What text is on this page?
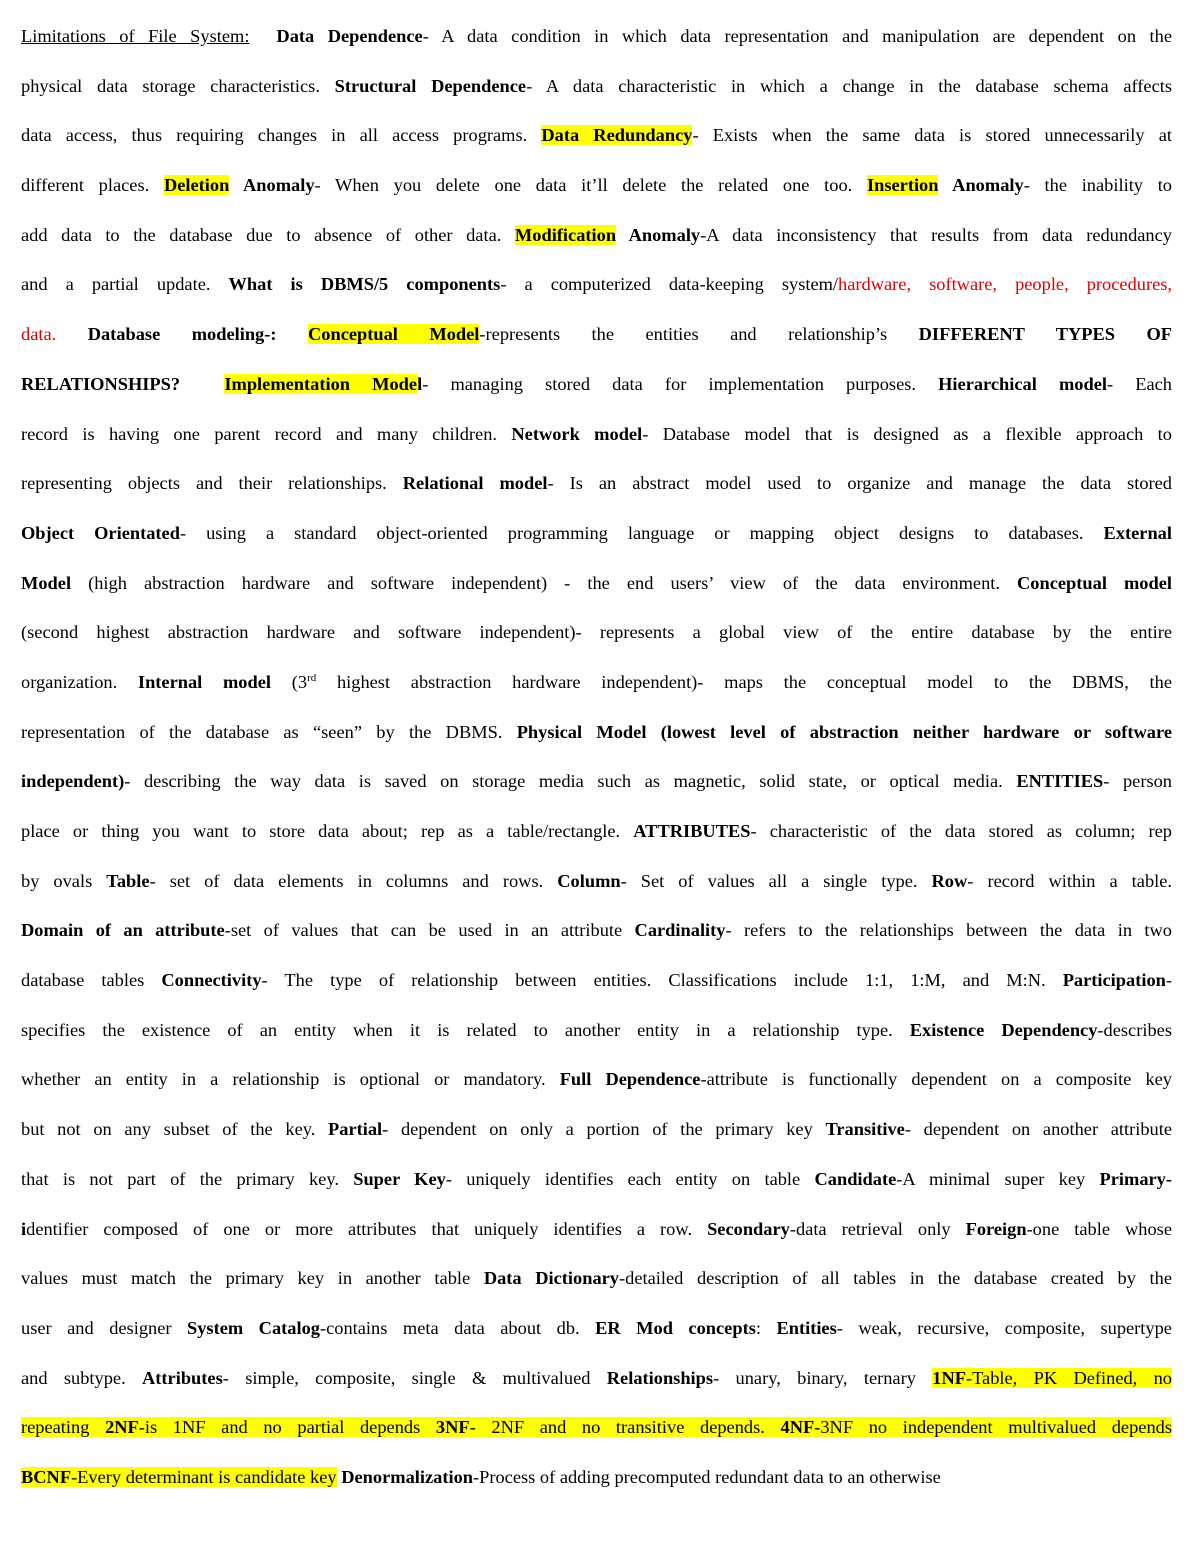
Limitations of File System: Data Dependence- A data condition in which data representation and manipulation are dependent on the
physical data storage characteristics. Structural Dependence- A data characteristic in which a change in the database schema affects
data access, thus requiring changes in all access programs. Data Redundancy- Exists when the same data is stored unnecessarily at
different places. Deletion Anomaly- When you delete one data it’ll delete the related one too. Insertion Anomaly- the inability to
add data to the database due to absence of other data. Modification Anomaly-A data inconsistency that results from data redundancy
and a partial update. What is DBMS/5 components- a computerized data-keeping system/hardware, software, people, procedures,
data. Database modeling-: Conceptual Model-represents the entities and relationship’s DIFFERENT TYPES OF
RELATIONSHIPS? Implementation Model- managing stored data for implementation purposes. Hierarchical model- Each
record is having one parent record and many children. Network model- Database model that is designed as a flexible approach to
representing objects and their relationships. Relational model- Is an abstract model used to organize and manage the data stored
Object Orientated- using a standard object-oriented programming language or mapping object designs to databases. External
Model (high abstraction hardware and software independent) - the end users’ view of the data environment. Conceptual model
(second highest abstraction hardware and software independent)- represents a global view of the entire database by the entire
organization. Internal model (3rd highest abstraction hardware independent)- maps the conceptual model to the DBMS, the
representation of the database as “seen” by the DBMS. Physical Model (lowest level of abstraction neither hardware or software
independent)- describing the way data is saved on storage media such as magnetic, solid state, or optical media. ENTITIES- person
place or thing you want to store data about; rep as a table/rectangle. ATTRIBUTES- characteristic of the data stored as column; rep
by ovals Table- set of data elements in columns and rows. Column- Set of values all a single type. Row- record within a table.
Domain of an attribute-set of values that can be used in an attribute Cardinality- refers to the relationships between the data in two
database tables Connectivity- The type of relationship between entities. Classifications include 1:1, 1:M, and M:N. Participation-
specifies the existence of an entity when it is related to another entity in a relationship type. Existence Dependency-describes
whether an entity in a relationship is optional or mandatory. Full Dependence-attribute is functionally dependent on a composite key
but not on any subset of the key. Partial- dependent on only a portion of the primary key Transitive- dependent on another attribute
that is not part of the primary key. Super Key- uniquely identifies each entity on table Candidate-A minimal super key Primary-
identifier composed of one or more attributes that uniquely identifies a row. Secondary-data retrieval only Foreign-one table whose
values must match the primary key in another table Data Dictionary-detailed description of all tables in the database created by the
user and designer System Catalog-contains meta data about db. ER Mod concepts: Entities- weak, recursive, composite, supertype
and subtype. Attributes- simple, composite, single & multivalued Relationships- unary, binary, ternary 1NF-Table, PK Defined, no
repeating 2NF-is 1NF and no partial depends 3NF- 2NF and no transitive depends. 4NF-3NF no independent multivalued depends
BCNF-Every determinant is candidate key Denormalization-Process of adding precomputed redundant data to an otherwise
